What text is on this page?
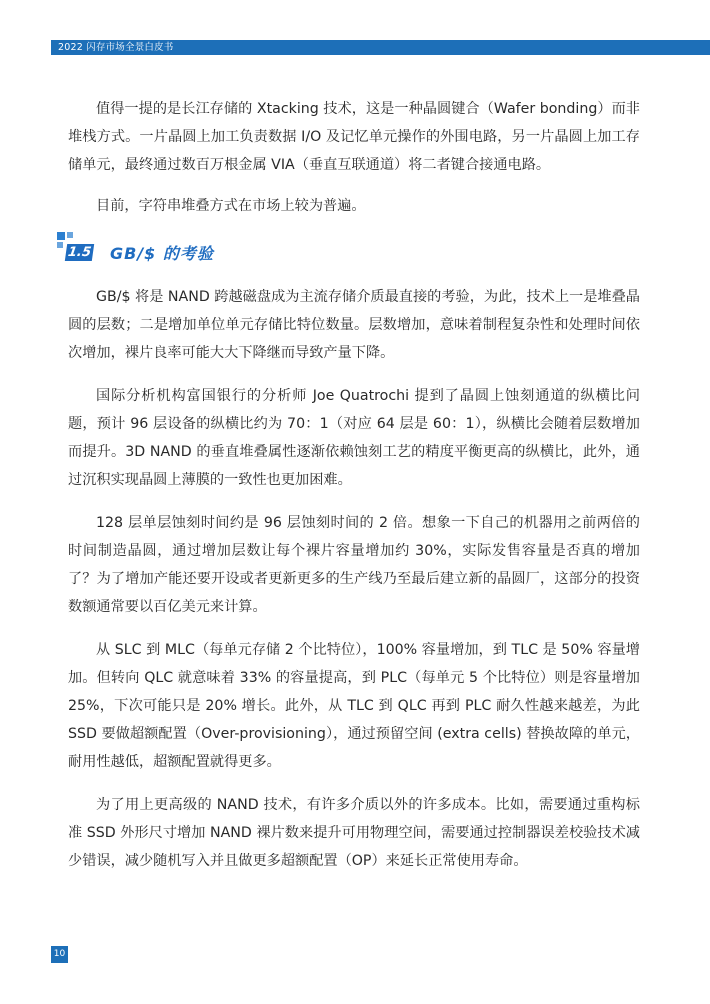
2022 闪存市场全景白皮书

值得一提的是长江存储的 Xtacking 技术，这是一种晶圆键合（Wafer bonding）而非堆栈方式。一片晶圆上加工负责数据 I/O 及记忆单元操作的外围电路，另一片晶圆上加工存储单元，最终通过数百万根金属 VIA（垂直互联通道）将二者键合接通电路。

目前，字符串堆叠方式在市场上较为普遍。

1.5 GB/$ 的考验

GB/$ 将是 NAND 跨越磁盘成为主流存储介质最直接的考验，为此，技术上一是堆叠晶圆的层数；二是增加单位单元存储比特位数量。层数增加，意味着制程复杂性和处理时间依次增加，裸片良率可能大大下降继而导致产量下降。

国际分析机构富国银行的分析师 Joe Quatrochi 提到了晶圆上蚀刻通道的纵横比问题，预计 96 层设备的纵横比约为 70：1（对应 64 层是 60：1），纵横比会随着层数增加而提升。3D NAND 的垂直堆叠属性逐渐依赖蚀刻工艺的精度平衡更高的纵横比，此外，通过沉积实现晶圆上薄膜的一致性也更加困难。

128 层单层蚀刻时间约是 96 层蚀刻时间的 2 倍。想象一下自己的机器用之前两倍的时间制造晶圆，通过增加层数让每个裸片容量增加约 30%，实际发售容量是否真的增加了？为了增加产能还要开设或者更新更多的生产线乃至最后建立新的晶圆厂，这部分的投资数额通常要以百亿美元来计算。

从 SLC 到 MLC（每单元存储 2 个比特位），100% 容量增加，到 TLC 是 50% 容量增加。但转向 QLC 就意味着 33% 的容量提高，到 PLC（每单元 5 个比特位）则是容量增加 25%，下次可能只是 20% 增长。此外，从 TLC 到 QLC 再到 PLC 耐久性越来越差，为此 SSD 要做超额配置（Over-provisioning），通过预留空间 (extra cells) 替换故障的单元，耐用性越低，超额配置就得更多。

为了用上更高级的 NAND 技术，有许多介质以外的许多成本。比如，需要通过重构标准 SSD 外形尺寸增加 NAND 裸片数来提升可用物理空间，需要通过控制器误差校验技术减少错误，减少随机写入并且做更多超额配置（OP）来延长正常使用寿命。

10
